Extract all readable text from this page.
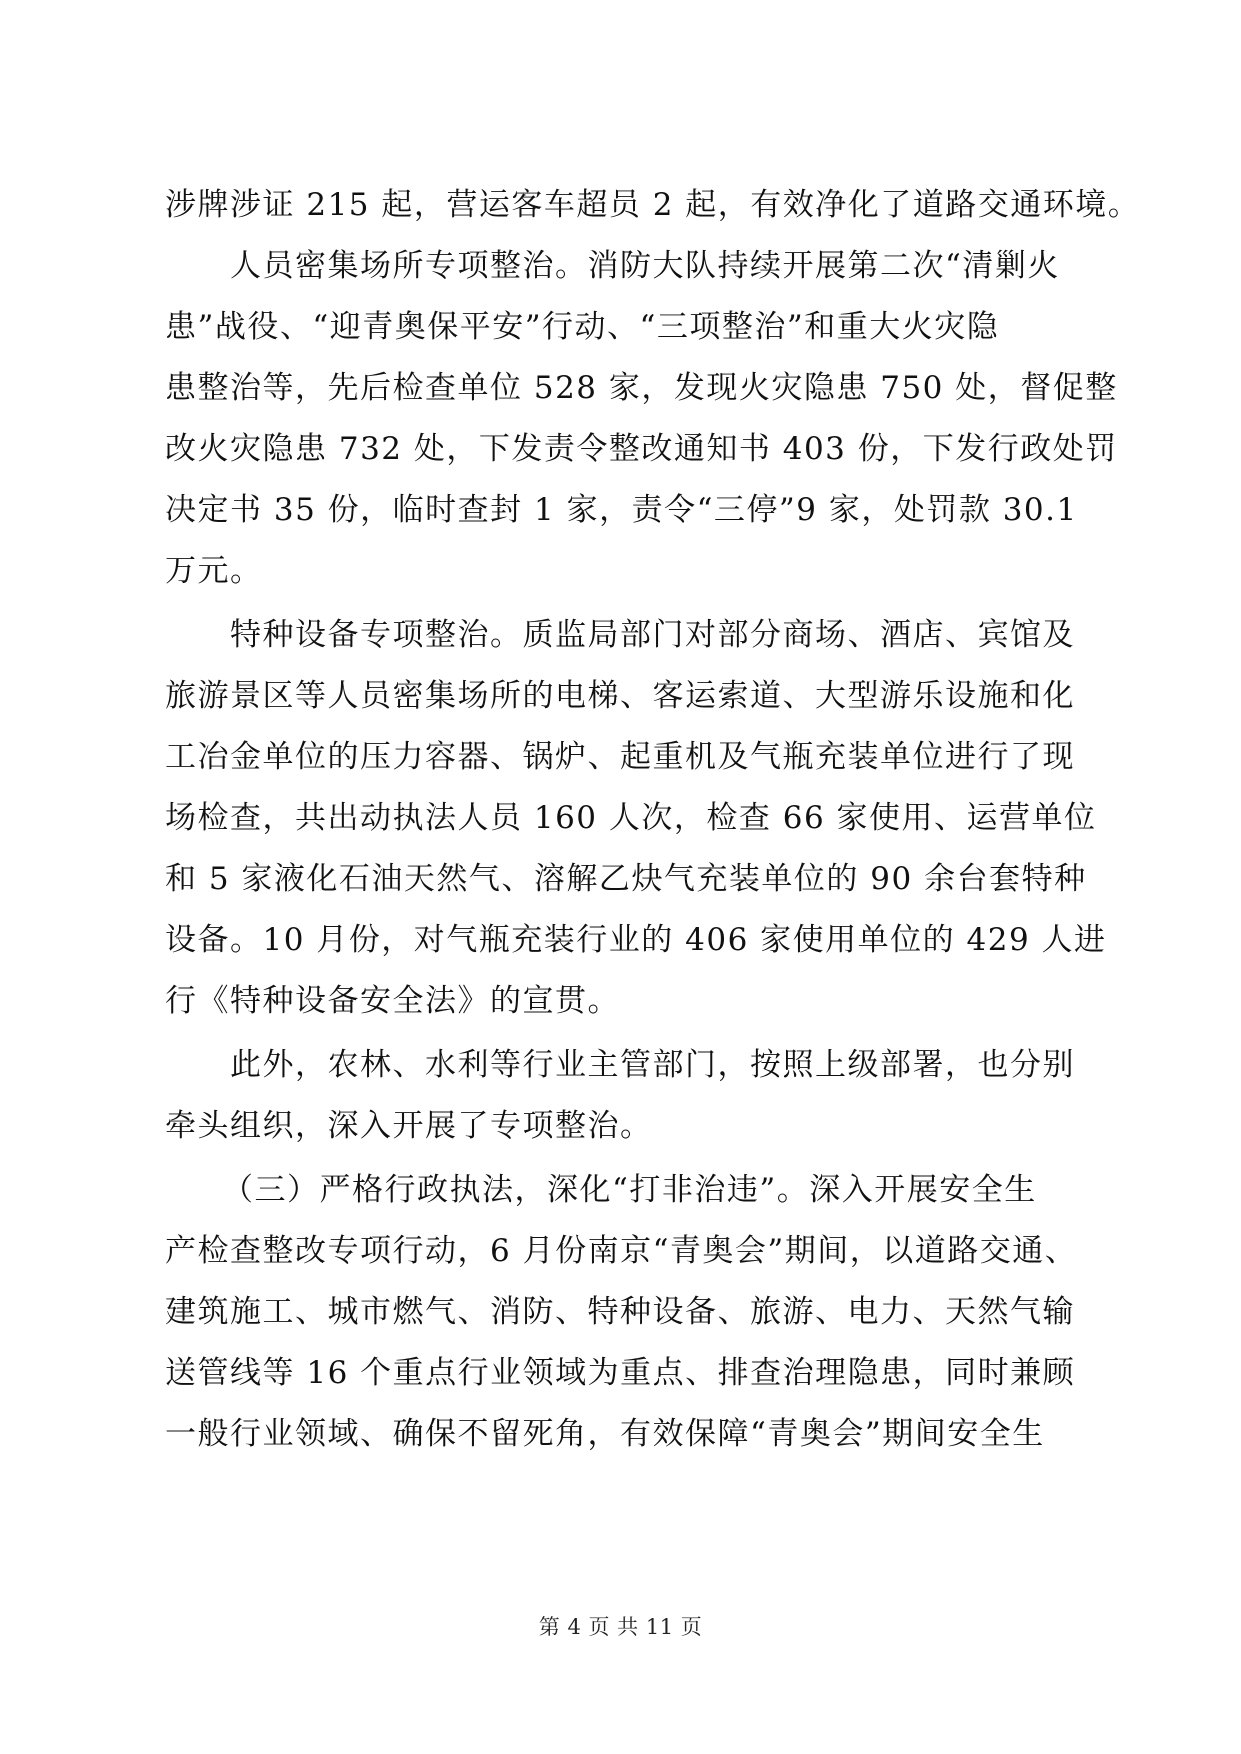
涉牌涉证 215 起，营运客车超员 2 起，有效净化了道路交通环境。
人员密集场所专项整治。消防大队持续开展第二次“清剿火
患”战役、“迎青奥保平安”行动、“三项整治”和重大火灾隐
患整治等，先后检查单位 528 家，发现火灾隐患 750 处，督促整
改火灾隐患 732 处，下发责令整改通知书 403 份，下发行政处罚
决定书 35 份，临时查封 1 家，责令“三停”9 家，处罚款 30.1
万元。
特种设备专项整治。质监局部门对部分商场、酒店、宾馆及
旅游景区等人员密集场所的电梯、客运索道、大型游乐设施和化
工冶金单位的压力容器、锅炉、起重机及气瓶充装单位进行了现
场检查，共出动执法人员 160 人次，检查 66 家使用、运营单位
和 5 家液化石油天然气、溶解乙炔气充装单位的 90 余台套特种
设备。10 月份，对气瓶充装行业的 406 家使用单位的 429 人进
行《特种设备安全法》的宣贯。
此外，农林、水利等行业主管部门，按照上级部署，也分别
牵头组织，深入开展了专项整治。
（三）严格行政执法，深化“打非治违”。深入开展安全生
产检查整改专项行动，6 月份南京“青奥会”期间，以道路交通、
建筑施工、城市燃气、消防、特种设备、旅游、电力、天然气输
送管线等 16 个重点行业领域为重点、排查治理隐患，同时兼顾
一般行业领域、确保不留死角，有效保障“青奥会”期间安全生
第 4 页 共 11 页
